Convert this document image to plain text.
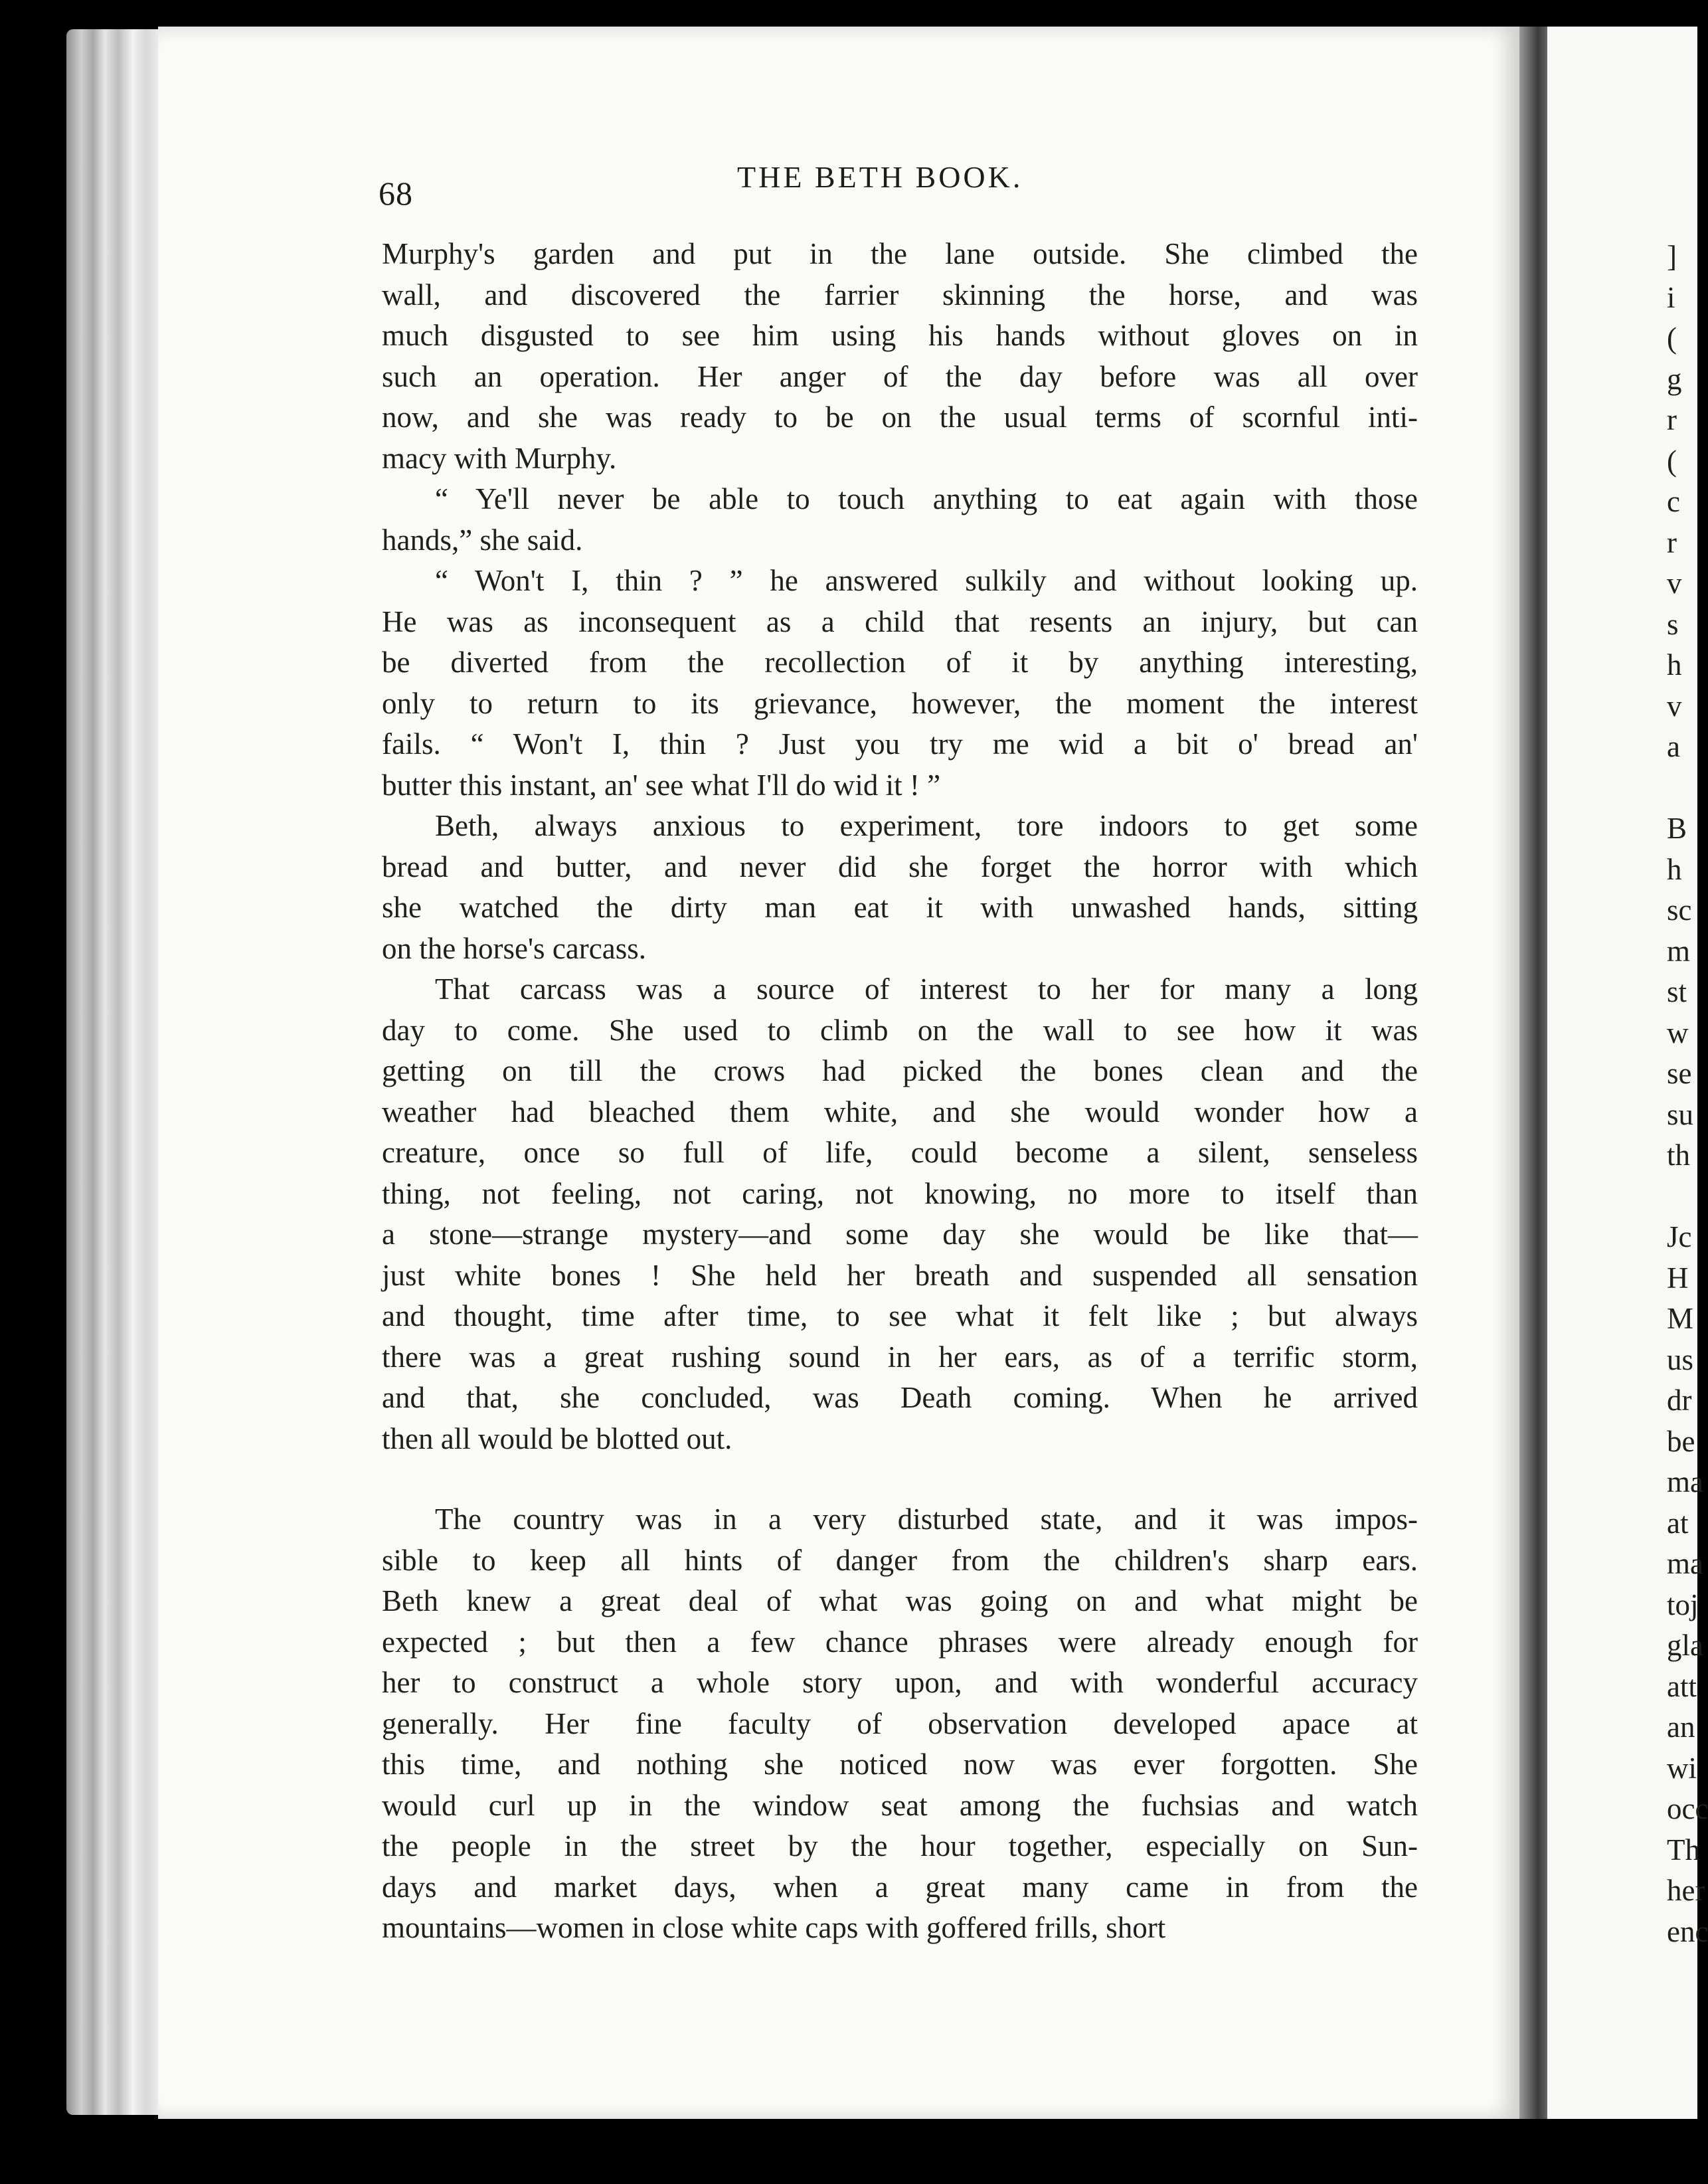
]
i
(
g
r
(
c
r
v
s
h
v
a
B
h
sc
m
st
w
se
su
th
Jc
H
M
us
dr
be
ma
at
ma
toj
gla
att
an
wi
occ
Th
her
enc
68	THE BETH BOOK.

Murphy's garden and put in the lane outside. She climbed the

wall, and discovered the farrier skinning the horse, and was

much disgusted to see him using his hands without gloves on in

such an operation. Her anger of the day before was all over

now, and she was ready to be on the usual terms of scornful inti-

macy with Murphy.

“ Ye'll never be able to touch anything to eat again with those

hands,” she said.

“ Won't I, thin ? ” he answered sulkily and without looking up.

He was as inconsequent as a child that resents an injury, but can

be diverted from the recollection of it by anything interesting,

only to return to its grievance, however, the moment the interest

fails. “ Won't I, thin ? Just you try me wid a bit o' bread an'

butter this instant, an' see what I'll do wid it ! ”

Beth, always anxious to experiment, tore indoors to get some

bread and butter, and never did she forget the horror with which

she watched the dirty man eat it with unwashed hands, sitting

on the horse's carcass.

That carcass was a source of interest to her for many a long

day to come. She used to climb on the wall to see how it was

getting on till the crows had picked the bones clean and the

weather had bleached them white, and she would wonder how a

creature, once so full of life, could become a silent, senseless

thing, not feeling, not caring, not knowing, no more to itself than

a stone—strange mystery—and some day she would be like that—

just white bones ! She held her breath and suspended all sensation

and thought, time after time, to see what it felt like ; but always

there was a great rushing sound in her ears, as of a terrific storm,

and that, she concluded, was Death coming. When he arrived

then all would be blotted out.

The country was in a very disturbed state, and it was impos-

sible to keep all hints of danger from the children's sharp ears.

Beth knew a great deal of what was going on and what might be

expected ; but then a few chance phrases were already enough for

her to construct a whole story upon, and with wonderful accuracy

generally. Her fine faculty of observation developed apace at

this time, and nothing she noticed now was ever forgotten. She

would curl up in the window seat among the fuchsias and watch

the people in the street by the hour together, especially on Sun-

days and market days, when a great many came in from the

mountains—women in close white caps with goffered frills, short
